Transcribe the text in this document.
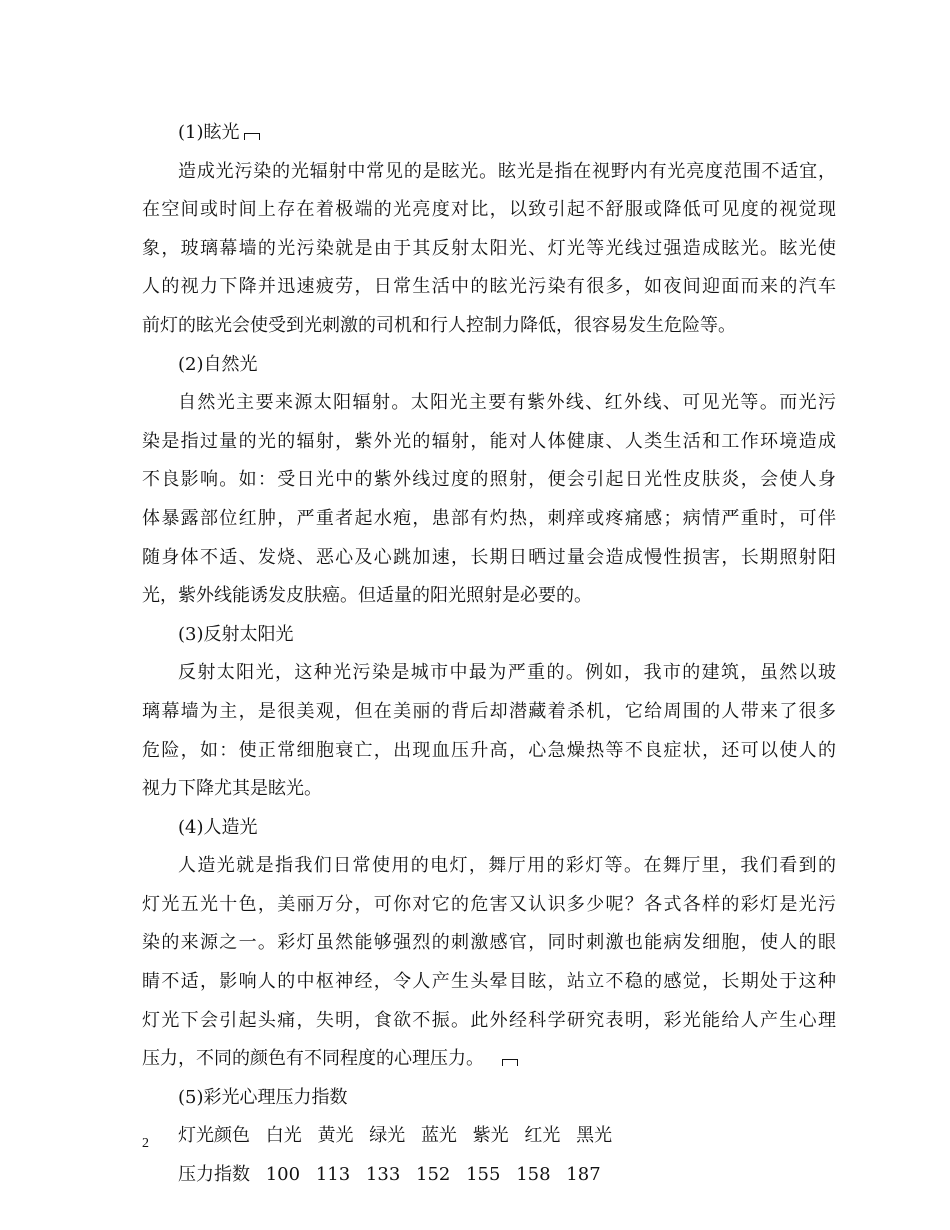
(1)眩光
造成光污染的光辐射中常见的是眩光。眩光是指在视野内有光亮度范围不适宜，
在空间或时间上存在着极端的光亮度对比，以致引起不舒服或降低可见度的视觉现
象，玻璃幕墙的光污染就是由于其反射太阳光、灯光等光线过强造成眩光。眩光使
人的视力下降并迅速疲劳，日常生活中的眩光污染有很多，如夜间迎面而来的汽车
前灯的眩光会使受到光刺激的司机和行人控制力降低，很容易发生危险等。
(2)自然光
自然光主要来源太阳辐射。太阳光主要有紫外线、红外线、可见光等。而光污
染是指过量的光的辐射，紫外光的辐射，能对人体健康、人类生活和工作环境造成
不良影响。如：受日光中的紫外线过度的照射，便会引起日光性皮肤炎，会使人身
体暴露部位红肿，严重者起水疱，患部有灼热，刺痒或疼痛感；病情严重时，可伴
随身体不适、发烧、恶心及心跳加速，长期日晒过量会造成慢性损害，长期照射阳
光，紫外线能诱发皮肤癌。但适量的阳光照射是必要的。
(3)反射太阳光
反射太阳光，这种光污染是城市中最为严重的。例如，我市的建筑，虽然以玻
璃幕墙为主，是很美观，但在美丽的背后却潜藏着杀机，它给周围的人带来了很多
危险，如：使正常细胞衰亡，出现血压升高，心急燥热等不良症状，还可以使人的
视力下降尤其是眩光。
(4)人造光
人造光就是指我们日常使用的电灯，舞厅用的彩灯等。在舞厅里，我们看到的
灯光五光十色，美丽万分，可你对它的危害又认识多少呢？各式各样的彩灯是光污
染的来源之一。彩灯虽然能够强烈的刺激感官，同时刺激也能病发细胞，使人的眼
睛不适，影响人的中枢神经，令人产生头晕目眩，站立不稳的感觉，长期处于这种
灯光下会引起头痛，失明，食欲不振。此外经科学研究表明，彩光能给人产生心理
压力，不同的颜色有不同程度的心理压力。
(5)彩光心理压力指数
灯光颜色 白光 黄光 绿光 蓝光 紫光 红光 黑光
压力指数 100 113 133 152 155 158 187
2
